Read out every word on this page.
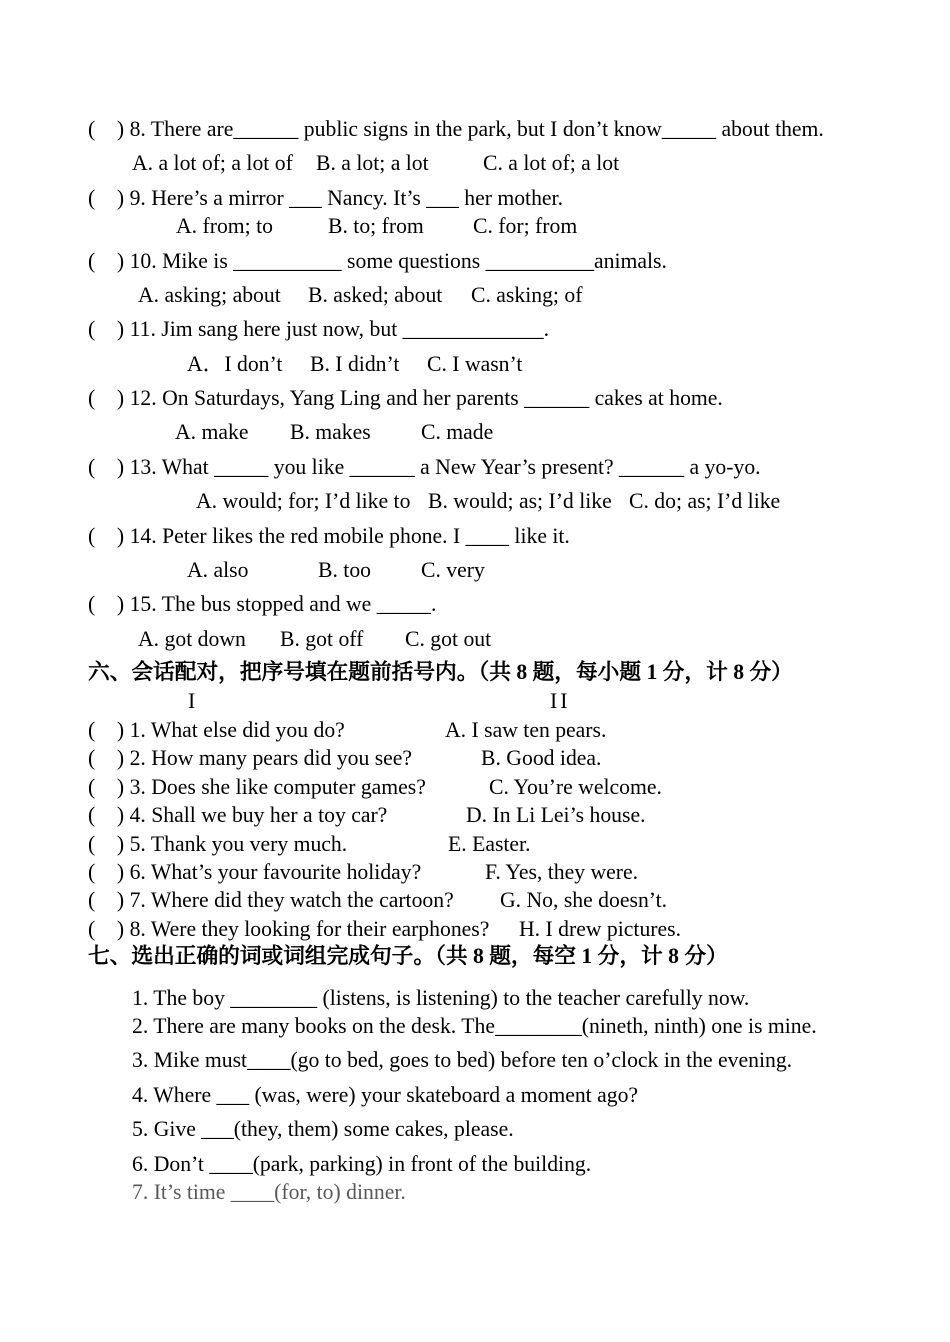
(    ) 8. There are______ public signs in the park, but I don’t know_____ about them.
A. a lot of; a lot of B. a lot; a lot	C. a lot of; a lot
(    ) 9. Here’s a mirror ___ Nancy. It’s ___ her mother.
A. from; to	B. to; from C. for; from
(    ) 10. Mike is __________ some questions __________animals.
A. asking; about B. asked; about C. asking; of
(    ) 11. Jim sang here just now, but _____________.
A．I don’t B. I didn’t C. I wasn’t
(    ) 12. On Saturdays, Yang Ling and her parents ______ cakes at home.
A. make B. makes C. made
(    ) 13. What _____ you like ______ a New Year’s present? ______ a yo-yo.
A. would; for; I’d like to B. would; as; I’d like C. do; as; I’d like
(    ) 14. Peter likes the red mobile phone. I ____ like it.
A. also	B. too C. very
(    ) 15. The bus stopped and we _____.
A. got down B. got off C. got out
六、会话配对，把序号填在题前括号内。（共 8 题，每小题 1 分，计 8 分）
I	II
(    ) 1. What else did you do?	A. I saw ten pears.
(    ) 2. How many pears did you see?	B. Good idea.
(    ) 3. Does she like computer games?	C. You’re welcome.
(    ) 4. Shall we buy her a toy car?	D. In Li Lei’s house.
(    ) 5. Thank you very much.	E. Easter.
(    ) 6. What’s your favourite holiday?	F. Yes, they were.
(    ) 7. Where did they watch the cartoon? G. No, she doesn’t.
(    ) 8. Were they looking for their earphones? H. I drew pictures.
七、选出正确的词或词组完成句子。（共 8 题，每空 1 分，计 8 分）
1. The boy ________ (listens, is listening) to the teacher carefully now.
2. There are many books on the desk. The________(nineth, ninth) one is mine.
3. Mike must____(go to bed, goes to bed) before ten o’clock in the evening.
4. Where ___ (was, were) your skateboard a moment ago?
5. Give ___(they, them) some cakes, please.
6. Don’t ____(park, parking) in front of the building.
7. It’s time ____(for, to) dinner.
